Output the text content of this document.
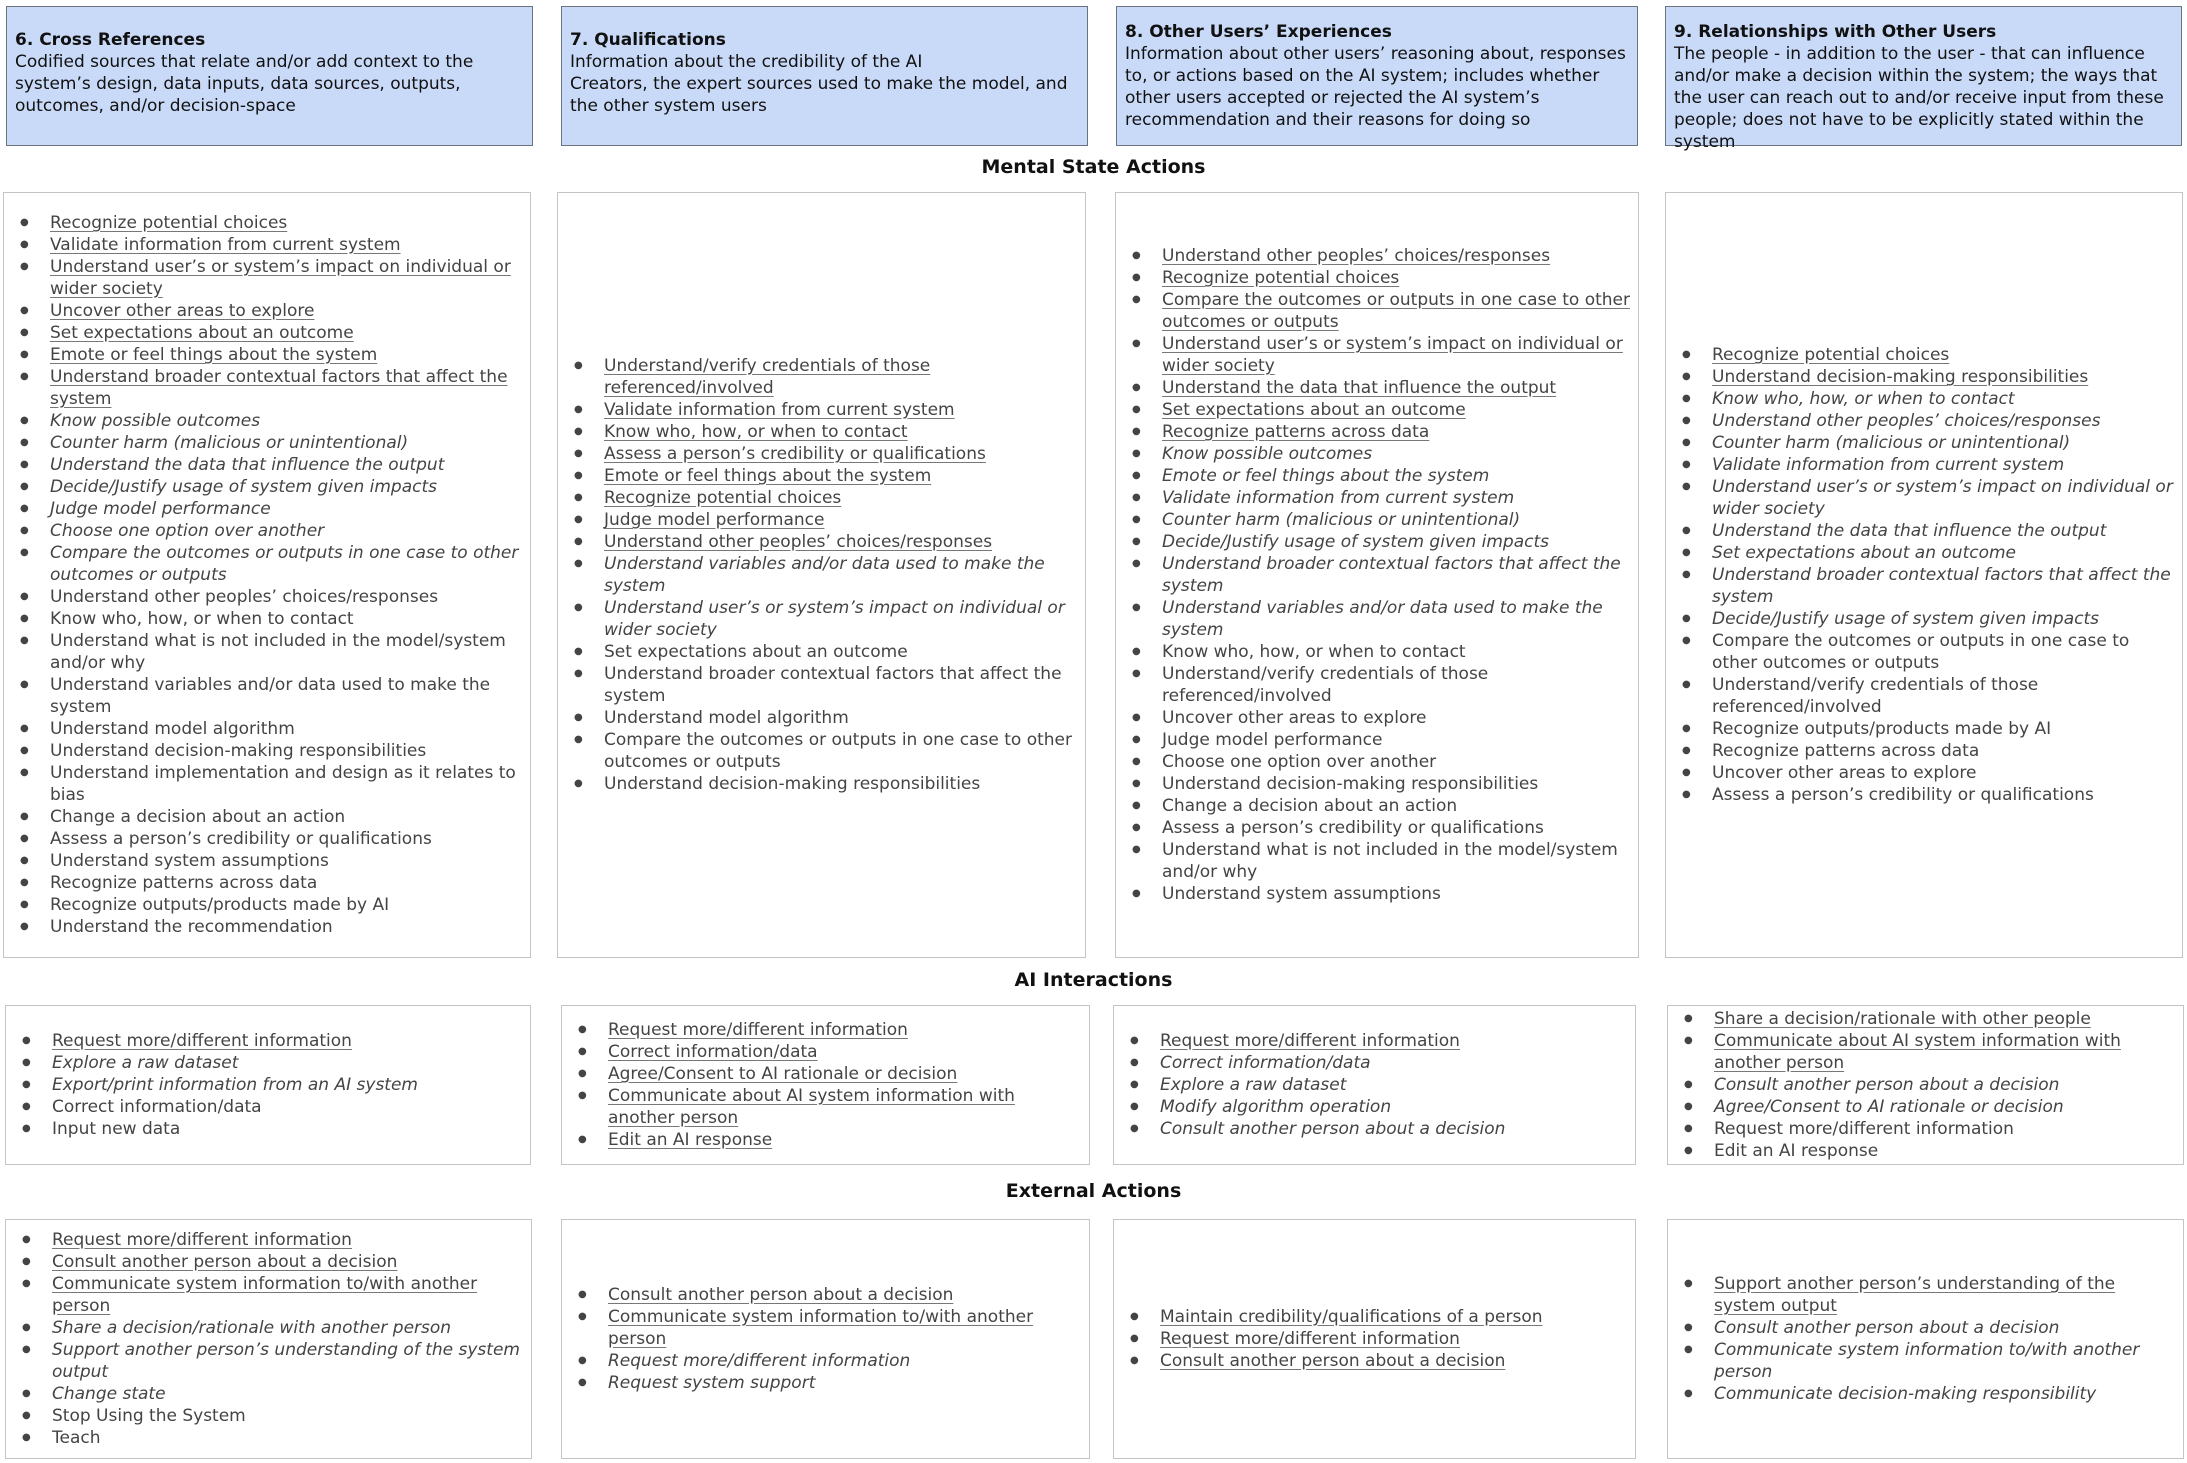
6. Cross References
Codified sources that relate and/or add context to the system’s design, data inputs, data sources, outputs, outcomes, and/or decision-space
7. Qualifications
Information about the credibility of the AI
Creators, the expert sources used to make the model, and the other system users
8. Other Users’ Experiences
Information about other users’ reasoning about, responses to, or actions based on the AI system; includes whether other users accepted or rejected the AI system’s recommendation and their reasons for doing so
9. Relationships with Other Users
The people - in addition to the user - that can influence and/or make a decision within the system; the ways that the user can reach out to and/or receive input from these people; does not have to be explicitly stated within the system
Mental State Actions
● Recognize potential choices
● Validate information from current system
● Understand user’s or system’s impact on individual or wider society
● Uncover other areas to explore
● Set expectations about an outcome
● Emote or feel things about the system
● Understand broader contextual factors that affect the system
● Know possible outcomes
● Counter harm (malicious or unintentional)
● Understand the data that influence the output
● Decide/Justify usage of system given impacts
● Judge model performance
● Choose one option over another
● Compare the outcomes or outputs in one case to other outcomes or outputs
● Understand other peoples’ choices/responses
● Know who, how, or when to contact
● Understand what is not included in the model/system and/or why
● Understand variables and/or data used to make the system
● Understand model algorithm
● Understand decision-making responsibilities
● Understand implementation and design as it relates to bias
● Change a decision about an action
● Assess a person’s credibility or qualifications
● Understand system assumptions
● Recognize patterns across data
● Recognize outputs/products made by AI
● Understand the recommendation
● Understand/verify credentials of those referenced/involved
● Validate information from current system
● Know who, how, or when to contact
● Assess a person’s credibility or qualifications
● Emote or feel things about the system
● Recognize potential choices
● Judge model performance
● Understand other peoples’ choices/responses
● Understand variables and/or data used to make the system
● Understand user’s or system’s impact on individual or wider society
● Set expectations about an outcome
● Understand broader contextual factors that affect the system
● Understand model algorithm
● Compare the outcomes or outputs in one case to other outcomes or outputs
● Understand decision-making responsibilities
● Understand other peoples’ choices/responses
● Recognize potential choices
● Compare the outcomes or outputs in one case to other outcomes or outputs
● Understand user’s or system’s impact on individual or wider society
● Understand the data that influence the output
● Set expectations about an outcome
● Recognize patterns across data
● Know possible outcomes
● Emote or feel things about the system
● Validate information from current system
● Counter harm (malicious or unintentional)
● Decide/Justify usage of system given impacts
● Understand broader contextual factors that affect the system
● Understand variables and/or data used to make the system
● Know who, how, or when to contact
● Understand/verify credentials of those referenced/involved
● Uncover other areas to explore
● Judge model performance
● Choose one option over another
● Understand decision-making responsibilities
● Change a decision about an action
● Assess a person’s credibility or qualifications
● Understand what is not included in the model/system and/or why
● Understand system assumptions
● Recognize potential choices
● Understand decision-making responsibilities
● Know who, how, or when to contact
● Understand other peoples’ choices/responses
● Counter harm (malicious or unintentional)
● Validate information from current system
● Understand user’s or system’s impact on individual or wider society
● Understand the data that influence the output
● Set expectations about an outcome
● Understand broader contextual factors that affect the system
● Decide/Justify usage of system given impacts
● Compare the outcomes or outputs in one case to other outcomes or outputs
● Understand/verify credentials of those referenced/involved
● Recognize outputs/products made by AI
● Recognize patterns across data
● Uncover other areas to explore
● Assess a person’s credibility or qualifications
AI Interactions
● Request more/different information
● Explore a raw dataset
● Export/print information from an AI system
● Correct information/data
● Input new data
● Request more/different information
● Correct information/data
● Agree/Consent to AI rationale or decision
● Communicate about AI system information with another person
● Edit an AI response
● Request more/different information
● Correct information/data
● Explore a raw dataset
● Modify algorithm operation
● Consult another person about a decision
● Share a decision/rationale with other people
● Communicate about AI system information with another person
● Consult another person about a decision
● Agree/Consent to AI rationale or decision
● Request more/different information
● Edit an AI response
External Actions
● Request more/different information
● Consult another person about a decision
● Communicate system information to/with another person
● Share a decision/rationale with another person
● Support another person’s understanding of the system output
● Change state
● Stop Using the System
● Teach
● Consult another person about a decision
● Communicate system information to/with another person
● Request more/different information
● Request system support
● Maintain credibility/qualifications of a person
● Request more/different information
● Consult another person about a decision
● Support another person’s understanding of the system output
● Consult another person about a decision
● Communicate system information to/with another person
● Communicate decision-making responsibility
